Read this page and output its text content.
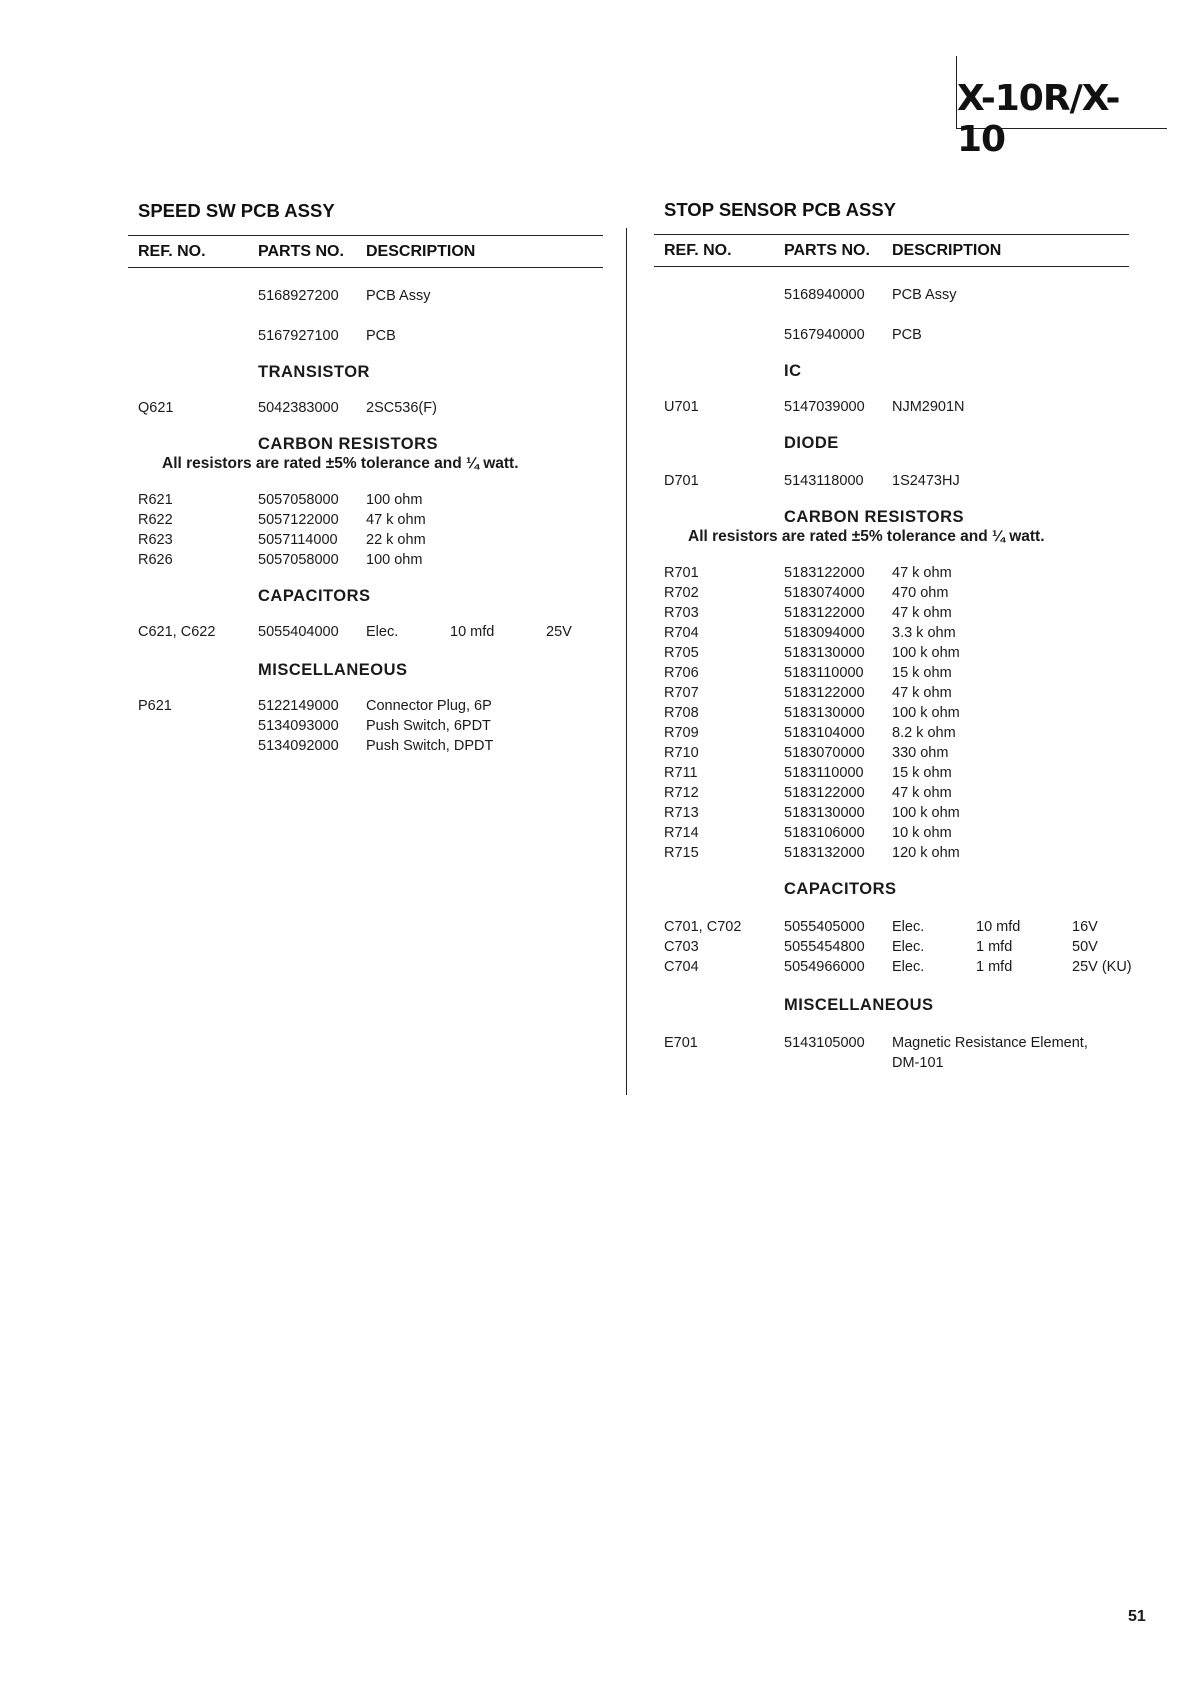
X-10R/X-10
SPEED SW PCB ASSY
REF. NO.	PARTS NO. DESCRIPTION
5168927200 PCB Assy
5167927100 PCB
TRANSISTOR
Q621	5042383000 2SC536(F)
CARBON RESISTORS
All resistors are rated ±5% tolerance and ¼ watt.
R621	5057058000 100 ohm
R622	5057122000 47 k ohm
R623	5057114000 22 k ohm
R626	5057058000 100 ohm
CAPACITORS
C621, C622	5055404000 Elec.	10 mfd	25V
MISCELLANEOUS
P621	5122149000 Connector Plug, 6P
5134093000 Push Switch, 6PDT
5134092000 Push Switch, DPDT
STOP SENSOR PCB ASSY
REF. NO.	PARTS NO. DESCRIPTION
5168940000 PCB Assy
5167940000 PCB
IC
U701	5147039000 NJM2901N
DIODE
D701	5143118000 1S2473HJ
CARBON RESISTORS
All resistors are rated ±5% tolerance and ¼ watt.
R701	5183122000 47 k ohm
R702	5183074000 470 ohm
R703	5183122000 47 k ohm
R704	5183094000 3.3 k ohm
R705	5183130000 100 k ohm
R706	5183110000 15 k ohm
R707	5183122000 47 k ohm
R708	5183130000 100 k ohm
R709	5183104000 8.2 k ohm
R710	5183070000 330 ohm
R711	5183110000 15 k ohm
R712	5183122000 47 k ohm
R713	5183130000 100 k ohm
R714	5183106000 10 k ohm
R715	5183132000 120 k ohm
CAPACITORS
C701, C702	5055405000 Elec.	10 mfd	16V
C703	5055454800 Elec.	1 mfd	50V
C704	5054966000 Elec.	1 mfd	25V (KU)
MISCELLANEOUS
E701	5143105000 Magnetic Resistance Element,
DM-101
51
